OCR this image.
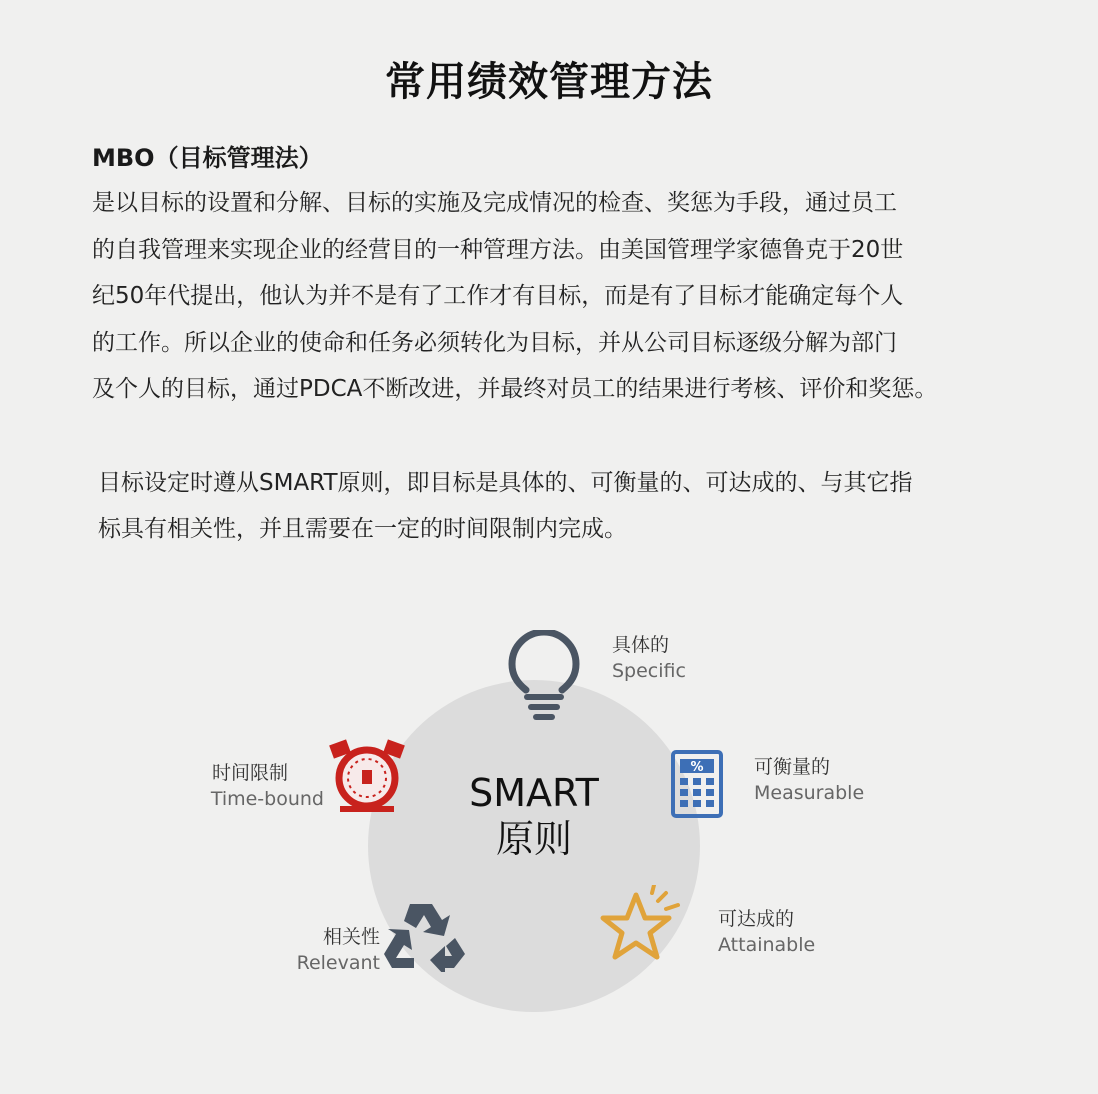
常用绩效管理方法
MBO（目标管理法）
是以目标的设置和分解、目标的实施及完成情况的检查、奖惩为手段，通过员工
的自我管理来实现企业的经营目的一种管理方法。由美国管理学家德鲁克于20世
纪50年代提出，他认为并不是有了工作才有目标，而是有了目标才能确定每个人
的工作。所以企业的使命和任务必须转化为目标，并从公司目标逐级分解为部门
及个人的目标，通过PDCA不断改进，并最终对员工的结果进行考核、评价和奖惩。
目标设定时遵从SMART原则，即目标是具体的、可衡量的、可达成的、与其它指
标具有相关性，并且需要在一定的时间限制内完成。
SMART
原则
具体的
Specific
%	可衡量的
Measurable
可达成的
Attainable
相关性
Relevant
时间限制
Time-bound
